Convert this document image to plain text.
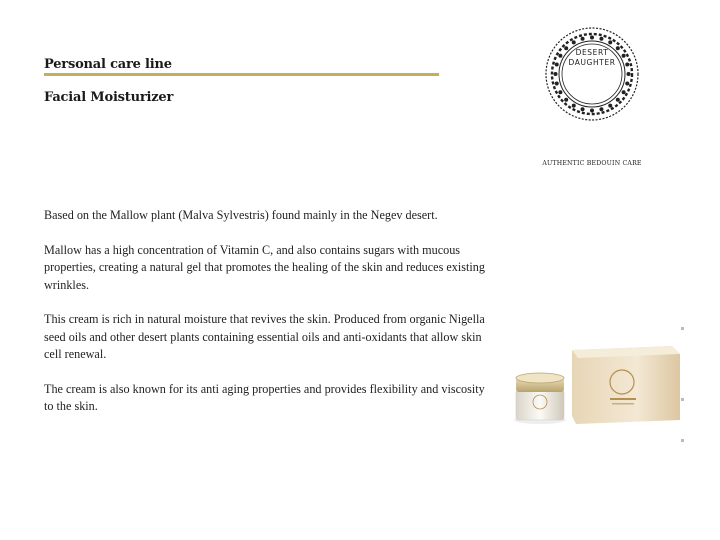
Personal care line
Facial Moisturizer

Based on the Mallow plant (Malva Sylvestris) found mainly in the Negev desert.

Mallow has a high concentration of Vitamin C, and also contains sugars with mucous properties, creating a natural gel that promotes the healing of the skin and reduces existing wrinkles.

This cream is rich in natural moisture that revives the skin. Produced from organic Nigella seed oils and other desert plants containing essential oils and anti-oxidants that allow skin cell renewal.

The cream is also known for its anti aging properties and provides flexibility and viscosity to the skin.

DESERT
DAUGHTER
AUTHENTIC BEDOUIN CARE
